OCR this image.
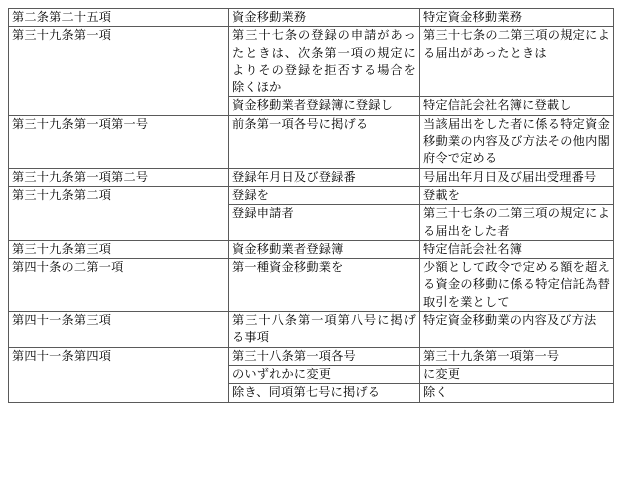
第二条第二十五項	資金移動業務	特定資金移動業務

第三十九条第一項	第三十七条の登録の申請があったときは、次条第一項の規定によりその登録を拒否する場合を除くほか	第三十七条の二第三項の規定による届出があったときは

	資金移動業者登録簿に登録し	特定信託会社名簿に登載し

第三十九条第一項第一号	前条第一項各号に掲げる	当該届出をした者に係る特定資金移動業の内容及び方法その他内閣府令で定める

第三十九条第一項第二号	登録年月日及び登録番	号届出年月日及び届出受理番号

第三十九条第二項	登録を	登載を

	登録申請者	第三十七条の二第三項の規定による届出をした者

第三十九条第三項	資金移動業者登録簿	特定信託会社名簿

第四十条の二第一項	第一種資金移動業を	少額として政令で定める額を超える資金の移動に係る特定信託為替取引を業として

第四十一条第三項	第三十八条第一項第八号に掲げる事項	特定資金移動業の内容及び方法

第四十一条第四項	第三十八条第一項各号	第三十九条第一項第一号

	のいずれかに変更	に変更

	除き、同項第七号に掲げる	除く
